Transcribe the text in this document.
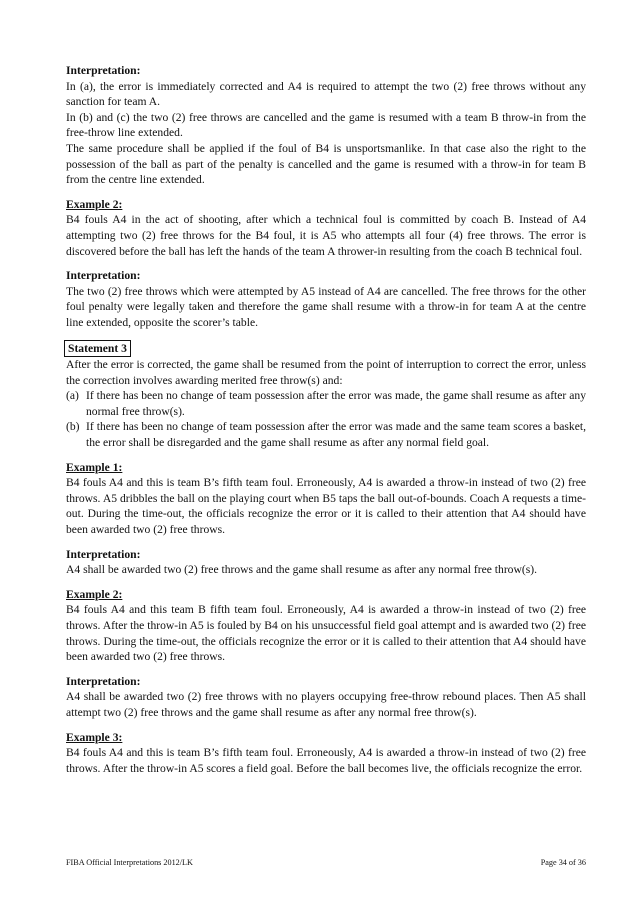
Interpretation:

In (a), the error is immediately corrected and A4 is required to attempt the two (2) free throws without any sanction for team A.

In (b) and (c) the two (2) free throws are cancelled and the game is resumed with a team B throw-in from the free-throw line extended.

The same procedure shall be applied if the foul of B4 is unsportsmanlike. In that case also the right to the possession of the ball as part of the penalty is cancelled and the game is resumed with a throw-in for team B from the centre line extended.

Example 2:

B4 fouls A4 in the act of shooting, after which a technical foul is committed by coach B. Instead of A4 attempting two (2) free throws for the B4 foul, it is A5 who attempts all four (4) free throws. The error is discovered before the ball has left the hands of the team A thrower-in resulting from the coach B technical foul.

Interpretation:

The two (2) free throws which were attempted by A5 instead of A4 are cancelled. The free throws for the other foul penalty were legally taken and therefore the game shall resume with a throw-in for team A at the centre line extended, opposite the scorer’s table.

Statement 3

After the error is corrected, the game shall be resumed from the point of interruption to correct the error, unless the correction involves awarding merited free throw(s) and:

(a) If there has been no change of team possession after the error was made, the game shall resume as after any normal free throw(s).
(b) If there has been no change of team possession after the error was made and the same team scores a basket, the error shall be disregarded and the game shall resume as after any normal field goal.
Example 1:

B4 fouls A4 and this is team B’s fifth team foul. Erroneously, A4 is awarded a throw-in instead of two (2) free throws. A5 dribbles the ball on the playing court when B5 taps the ball out-of-bounds. Coach A requests a time-out. During the time-out, the officials recognize the error or it is called to their attention that A4 should have been awarded two (2) free throws.

Interpretation:

A4 shall be awarded two (2) free throws and the game shall resume as after any normal free throw(s).

Example 2:

B4 fouls A4 and this team B fifth team foul. Erroneously, A4 is awarded a throw-in instead of two (2) free throws. After the throw-in A5 is fouled by B4 on his unsuccessful field goal attempt and is awarded two (2) free throws. During the time-out, the officials recognize the error or it is called to their attention that A4 should have been awarded two (2) free throws.

Interpretation:

A4 shall be awarded two (2) free throws with no players occupying free-throw rebound places. Then A5 shall attempt two (2) free throws and the game shall resume as after any normal free throw(s).

Example 3:

B4 fouls A4 and this is team B’s fifth team foul. Erroneously, A4 is awarded a throw-in instead of two (2) free throws. After the throw-in A5 scores a field goal. Before the ball becomes live, the officials recognize the error.

FIBA Official Interpretations 2012/LK	Page 34 of 36
